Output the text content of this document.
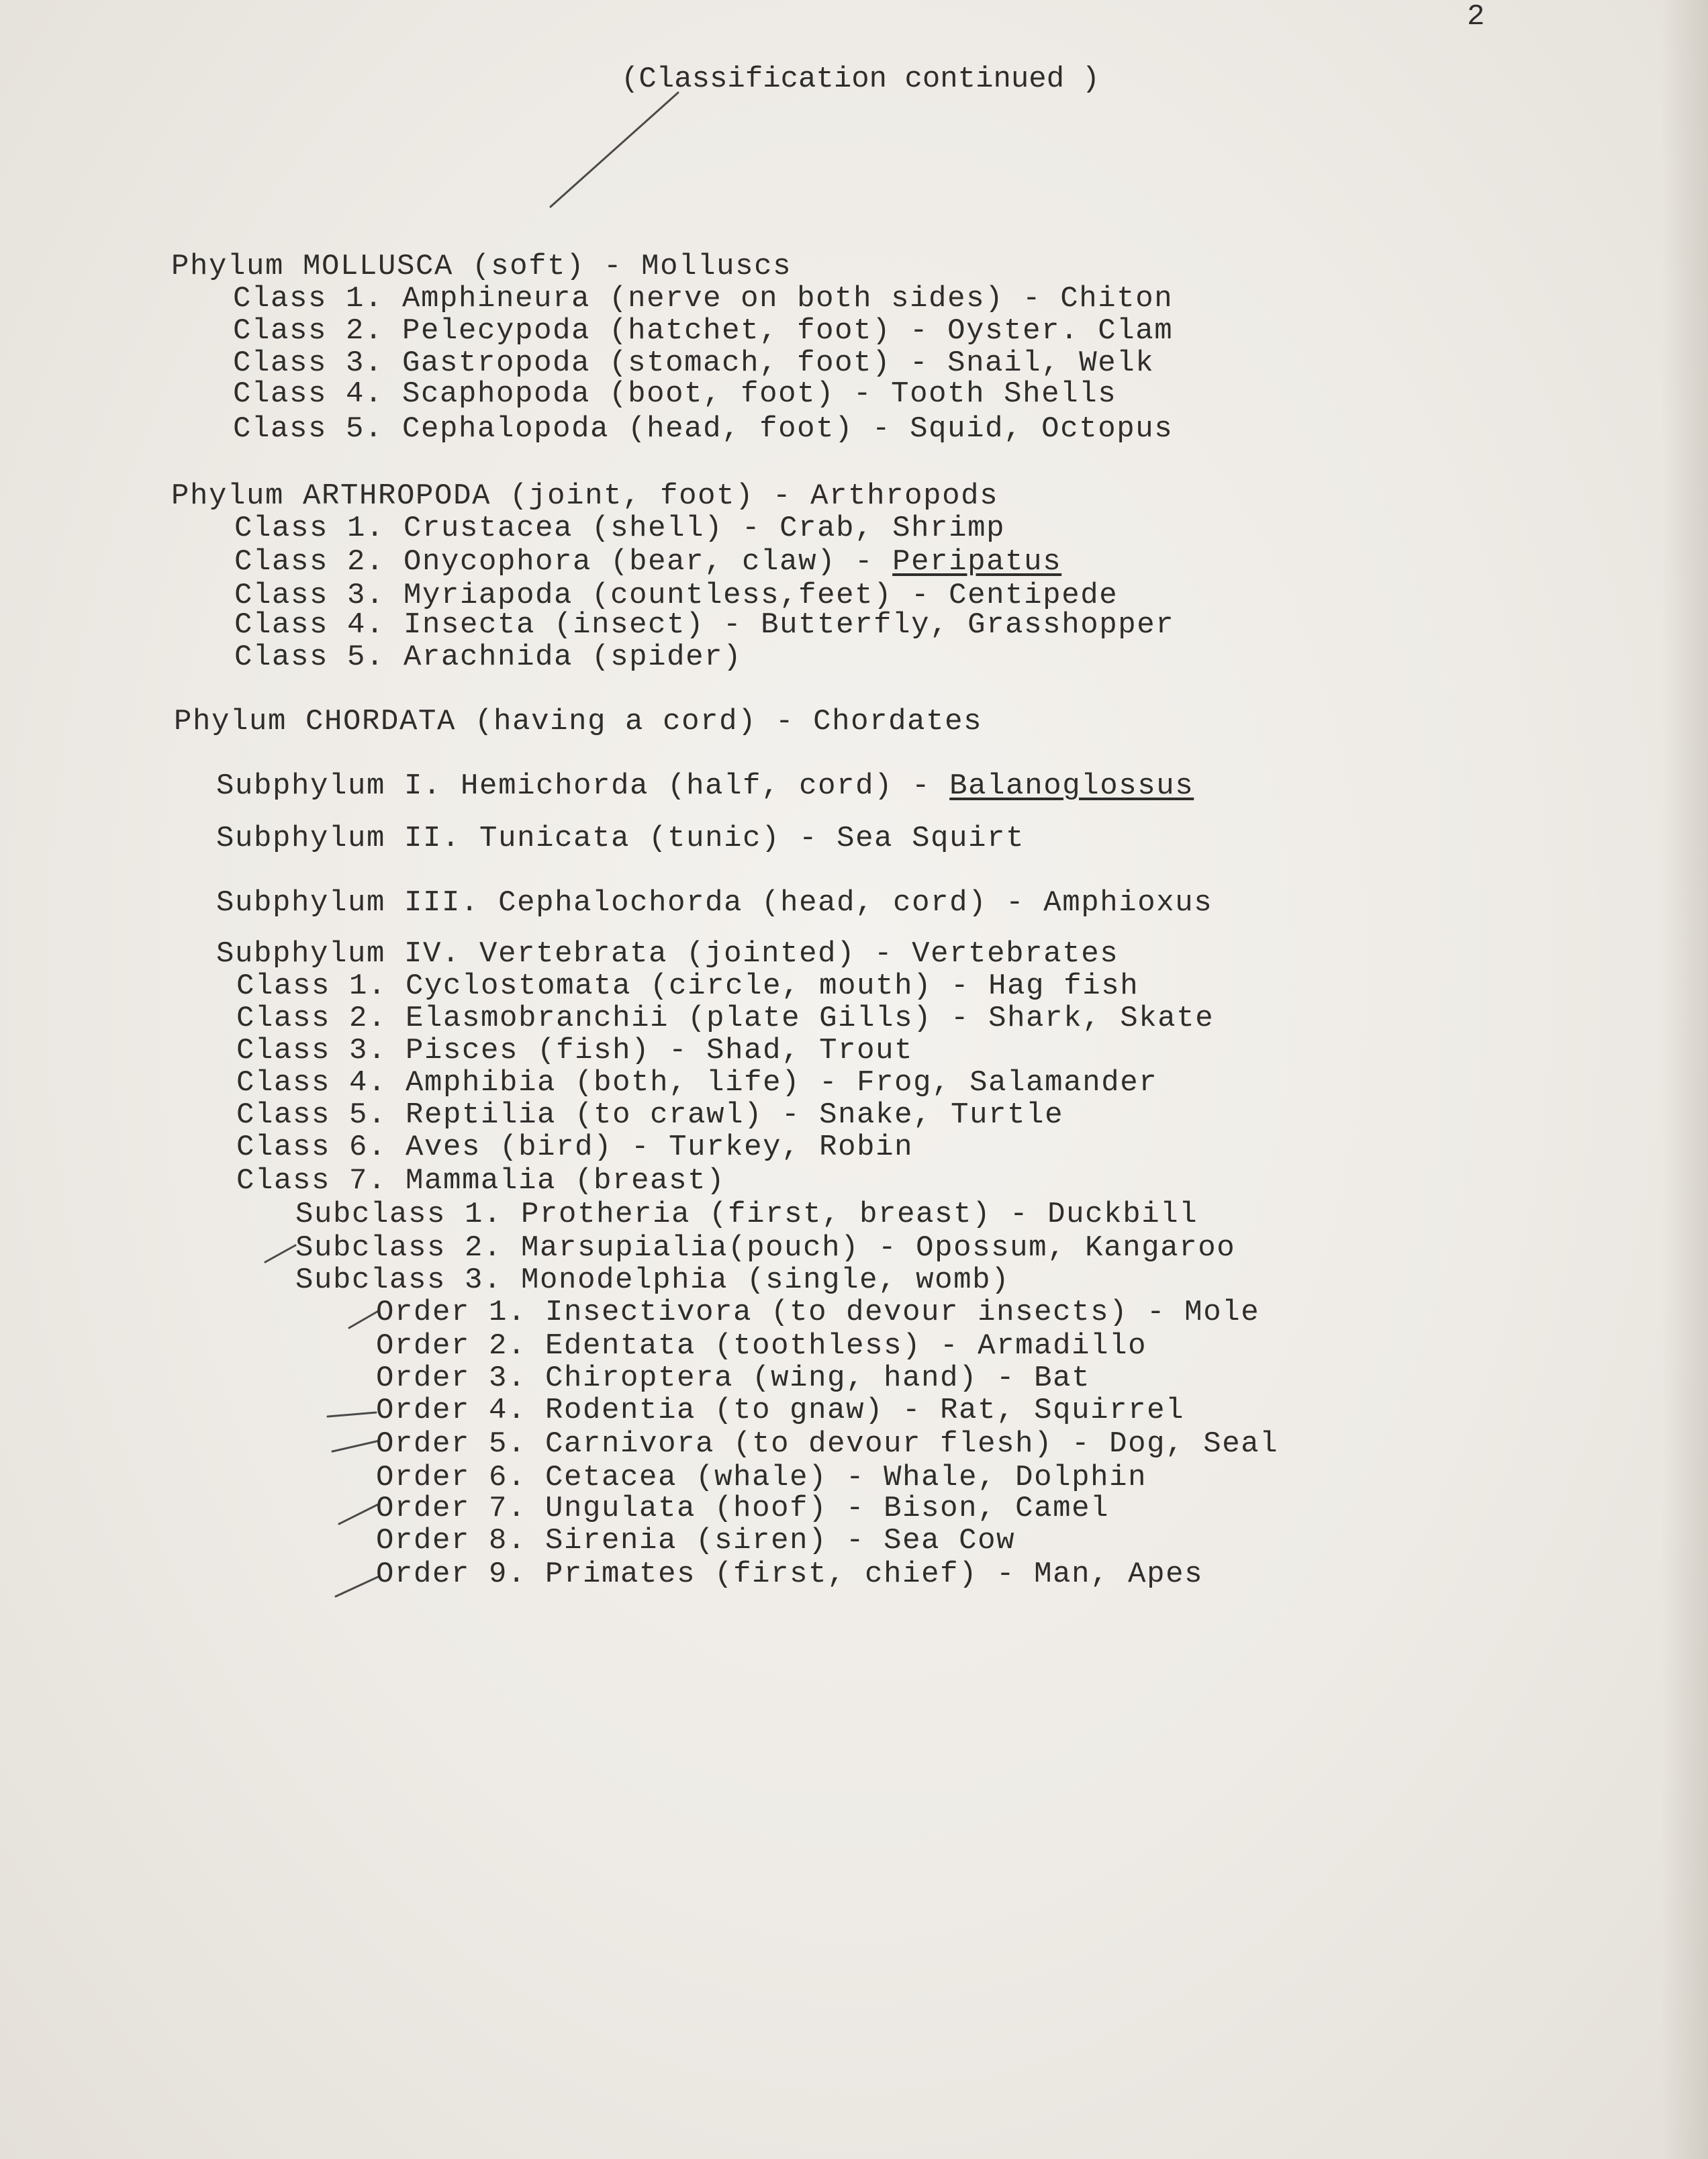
2
(Classification continued )
Phylum MOLLUSCA (soft) - Molluscs
Class 1. Amphineura (nerve on both sides) - Chiton
Class 2. Pelecypoda (hatchet, foot) - Oyster. Clam
Class 3. Gastropoda (stomach, foot) - Snail, Welk
Class 4. Scaphopoda (boot, foot) - Tooth Shells
Class 5. Cephalopoda (head, foot) - Squid, Octopus
Phylum ARTHROPODA (joint, foot) - Arthropods
Class 1. Crustacea (shell) - Crab, Shrimp
Class 2. Onycophora (bear, claw) - Peripatus
Class 3. Myriapoda (countless,feet) - Centipede
Class 4. Insecta (insect) - Butterfly, Grasshopper
Class 5. Arachnida (spider)
Phylum CHORDATA (having a cord) - Chordates
Subphylum I. Hemichorda (half, cord) - Balanoglossus
Subphylum II. Tunicata (tunic) - Sea Squirt
Subphylum III. Cephalochorda (head, cord) - Amphioxus
Subphylum IV. Vertebrata (jointed) - Vertebrates
Class 1. Cyclostomata (circle, mouth) - Hag fish
Class 2. Elasmobranchii (plate Gills) - Shark, Skate
Class 3. Pisces (fish) - Shad, Trout
Class 4. Amphibia (both, life) - Frog, Salamander
Class 5. Reptilia (to crawl) - Snake, Turtle
Class 6. Aves (bird) - Turkey, Robin
Class 7. Mammalia (breast)
Subclass 1. Protheria (first, breast) - Duckbill
Subclass 2. Marsupialia(pouch) - Opossum, Kangaroo
Subclass 3. Monodelphia (single, womb)
Order 1. Insectivora (to devour insects) - Mole
Order 2. Edentata (toothless) - Armadillo
Order 3. Chiroptera (wing, hand) - Bat
Order 4. Rodentia (to gnaw) - Rat, Squirrel
Order 5. Carnivora (to devour flesh) - Dog, Seal
Order 6. Cetacea (whale) - Whale, Dolphin
Order 7. Ungulata (hoof) - Bison, Camel
Order 8. Sirenia (siren) - Sea Cow
Order 9. Primates (first, chief) - Man, Apes
